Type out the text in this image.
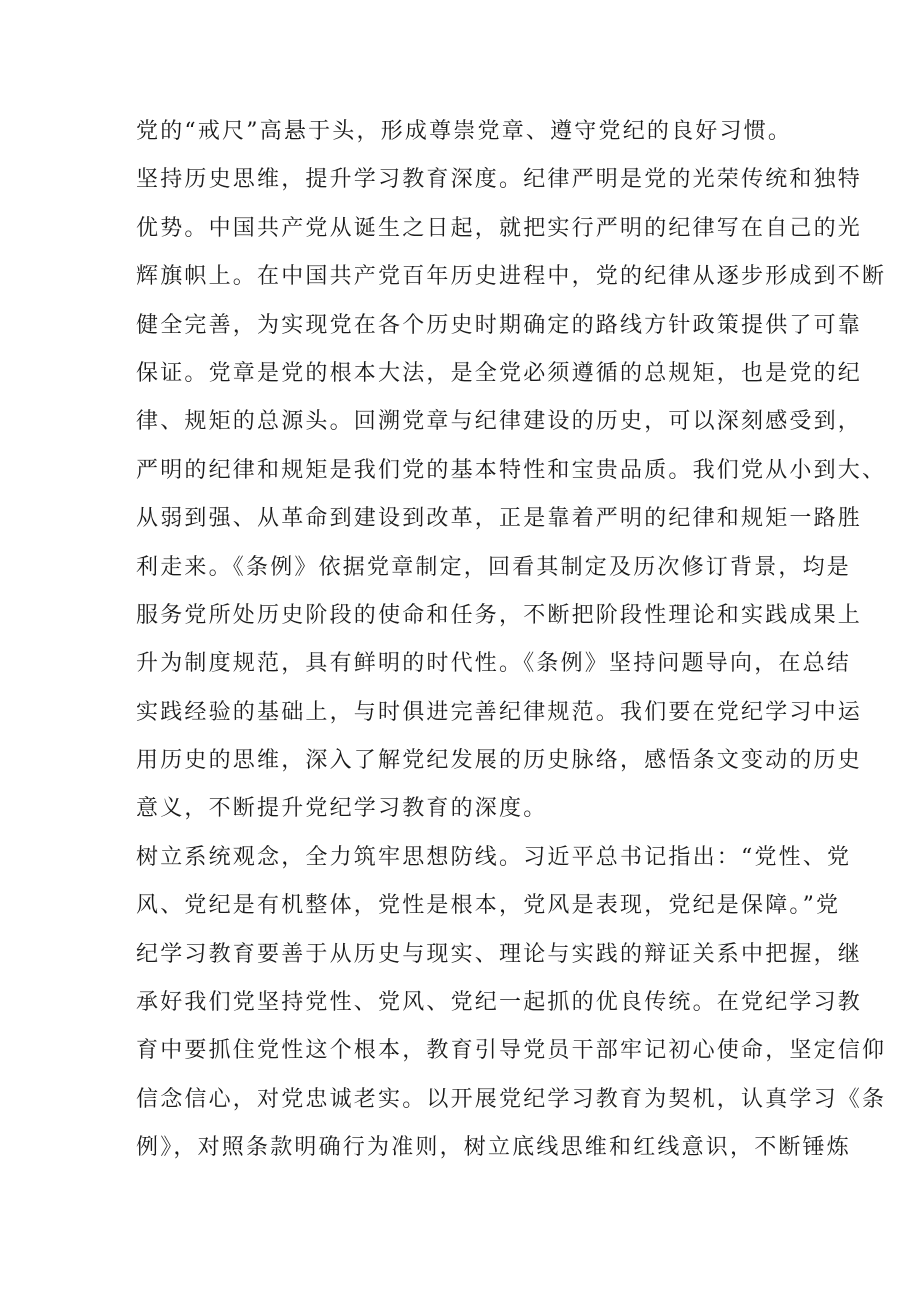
党的“戒尺”高悬于头，形成尊崇党章、遵守党纪的良好习惯。
坚持历史思维，提升学习教育深度。纪律严明是党的光荣传统和独特
优势。中国共产党从诞生之日起，就把实行严明的纪律写在自己的光
辉旗帜上。在中国共产党百年历史进程中，党的纪律从逐步形成到不断
健全完善，为实现党在各个历史时期确定的路线方针政策提供了可靠
保证。党章是党的根本大法，是全党必须遵循的总规矩，也是党的纪
律、规矩的总源头。回溯党章与纪律建设的历史，可以深刻感受到，
严明的纪律和规矩是我们党的基本特性和宝贵品质。我们党从小到大、
从弱到强、从革命到建设到改革，正是靠着严明的纪律和规矩一路胜
利走来。《条例》依据党章制定，回看其制定及历次修订背景，均是
服务党所处历史阶段的使命和任务，不断把阶段性理论和实践成果上
升为制度规范，具有鲜明的时代性。《条例》坚持问题导向，在总结
实践经验的基础上，与时俱进完善纪律规范。我们要在党纪学习中运
用历史的思维，深入了解党纪发展的历史脉络，感悟条文变动的历史
意义，不断提升党纪学习教育的深度。
树立系统观念，全力筑牢思想防线。习近平总书记指出：“党性、党
风、党纪是有机整体，党性是根本，党风是表现，党纪是保障。”党
纪学习教育要善于从历史与现实、理论与实践的辩证关系中把握，继
承好我们党坚持党性、党风、党纪一起抓的优良传统。在党纪学习教
育中要抓住党性这个根本，教育引导党员干部牢记初心使命，坚定信仰
信念信心，对党忠诚老实。以开展党纪学习教育为契机，认真学习《条
例》，对照条款明确行为准则，树立底线思维和红线意识，不断锤炼
